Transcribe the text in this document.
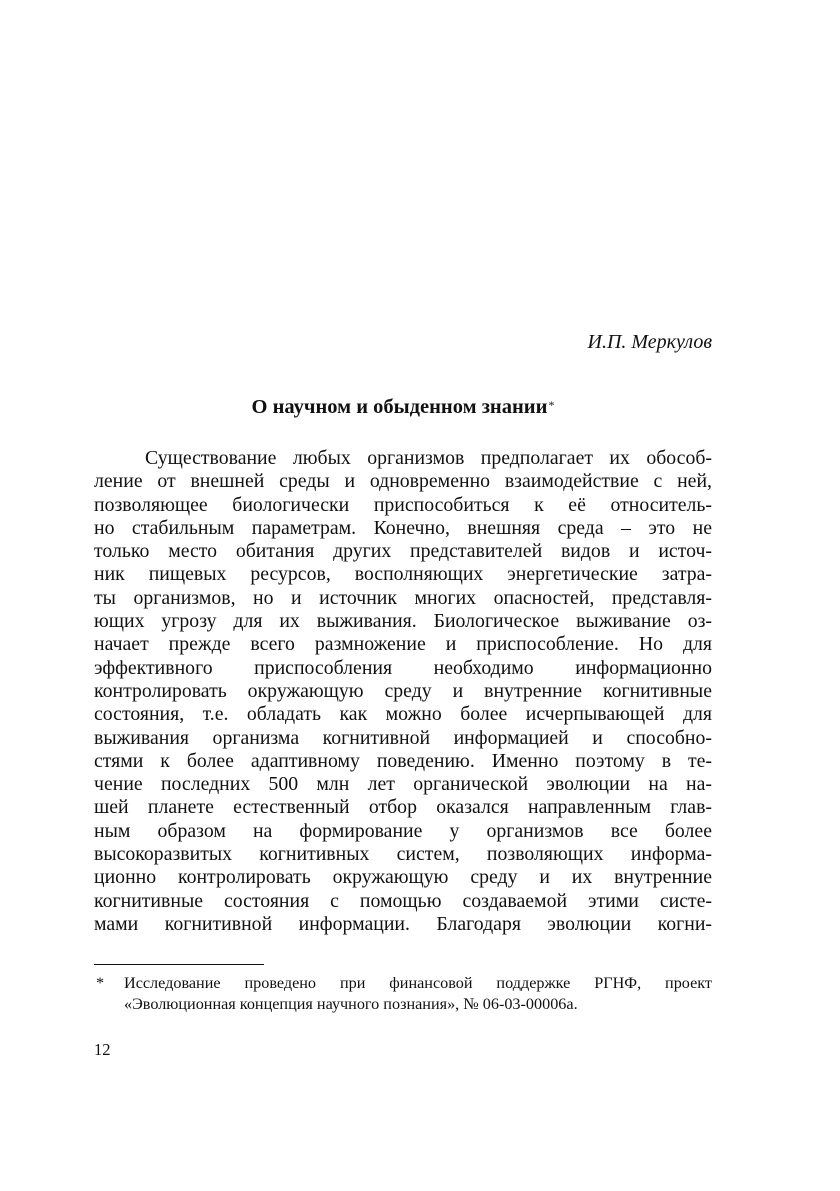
И.П. Меркулов
О научном и обыденном знании*
Существование любых организмов предполагает их обособ-
ление от внешней среды и одновременно взаимодействие с ней,
позволяющее биологически приспособиться к её относитель-
но стабильным параметрам. Конечно, внешняя среда – это не
только место обитания других представителей видов и источ-
ник пищевых ресурсов, восполняющих энергетические затра-
ты организмов, но и источник многих опасностей, представля-
ющих угрозу для их выживания. Биологическое выживание оз-
начает прежде всего размножение и приспособление. Но для
эффективного приспособления необходимо информационно
контролировать окружающую среду и внутренние когнитивные
состояния, т.е. обладать как можно более исчерпывающей для
выживания организма когнитивной информацией и способно-
стями к более адаптивному поведению. Именно поэтому в те-
чение последних 500 млн лет органической эволюции на на-
шей планете естественный отбор оказался направленным глав-
ным образом на формирование у организмов все более
высокоразвитых когнитивных систем, позволяющих информа-
ционно контролировать окружающую среду и их внутренние
когнитивные состояния с помощью создаваемой этими систе-
мами когнитивной информации. Благодаря эволюции когни-
*	Исследование проведено при финансовой поддержке РГНФ, проект
«Эволюционная концепция научного познания», № 06-03-00006а.
12
